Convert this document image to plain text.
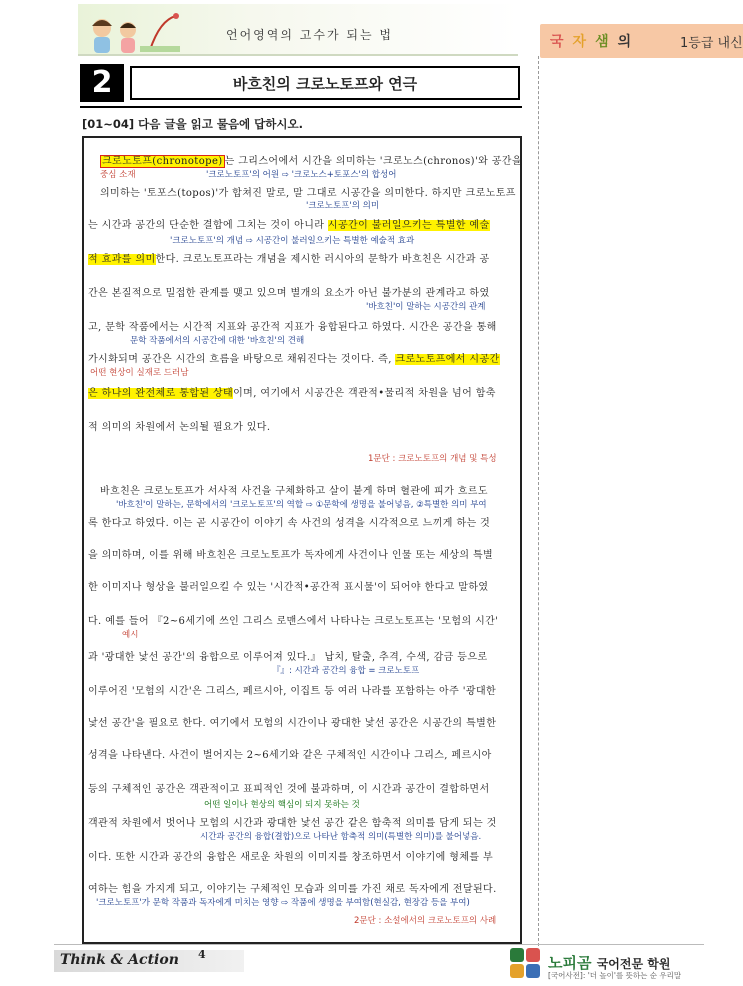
언어영역의 고수가 되는 법	국자샘의	1등급 내신
2	바흐친의 크로노토프와 연극
[01~04] 다음 글을 읽고 물음에 답하시오.
크로노토프(chronotope) 는 그리스어에서 시간을 의미하는 '크로노스(chronos)'와 공간을
중심 소재	'크로노토프'의 어원 ⇨ '크로노스+토포스'의 합성어
의미하는 '토포스(topos)'가 합쳐진 말로, 말 그대로 시공간을 의미한다. 하지만 크로노토프
'크로노토프'의 의미
는 시간과 공간의 단순한 결합에 그치는 것이 아니라 시공간이 불러일으키는 특별한 예술
'크로노토프'의 개념 ⇨ 시공간이 불러일으키는 특별한 예술적 효과
적 효과를 의미한다. 크로노토프라는 개념을 제시한 러시아의 문학가 바흐친은 시간과 공
간은 본질적으로 밀접한 관계를 맺고 있으며 별개의 요소가 아닌 불가분의 관계라고 하였
'바흐친'이 말하는 시공간의 관계
고, 문학 작품에서는 시간적 지표와 공간적 지표가 융합된다고 하였다. 시간은 공간을 통해
문학 작품에서의 시공간에 대한 '바흐친'의 견해
가시화되며 공간은 시간의 흐름을 바탕으로 채워진다는 것이다. 즉, 크로노토프에서 시공간
어떤 현상이 실재로 드러남
은 하나의 완전체로 통합된 상태이며, 여기에서 시공간은 객관적•물리적 차원을 넘어 함축
적 의미의 차원에서 논의될 필요가 있다.
1문단 : 크로노토프의 개념 및 특성
바흐친은 크로노토프가 서사적 사건을 구체화하고 살이 붙게 하며 혈관에 피가 흐르도
'바흐친'이 말하는, 문학에서의 '크로노토프'의 역할 ⇨ ①문학에 생명을 불어넣음, ②특별한 의미 부여
록 한다고 하였다. 이는 곧 시공간이 이야기 속 사건의 성격을 시각적으로 느끼게 하는 것
을 의미하며, 이를 위해 바흐친은 크로노토프가 독자에게 사건이나 인물 또는 세상의 특별
한 이미지나 형상을 불러일으킬 수 있는 '시간적•공간적 표시물'이 되어야 한다고 말하였
다. 예를 들어 『2~6세기에 쓰인 그리스 로맨스에서 나타나는 크로노토프는 '모험의 시간'
예시
과 '광대한 낯선 공간'의 융합으로 이루어져 있다.』 납치, 탈출, 추격, 수색, 감금 등으로
『』: 시간과 공간의 융합 = 크로노토프
이루어진 '모험의 시간'은 그리스, 페르시아, 이집트 등 여러 나라를 포함하는 아주 '광대한
낯선 공간'을 필요로 한다. 여기에서 모험의 시간이나 광대한 낯선 공간은 시공간의 특별한
성격을 나타낸다. 사건이 벌어지는 2~6세기와 같은 구체적인 시간이나 그리스, 페르시아
등의 구체적인 공간은 객관적이고 표피적인 것에 불과하며, 이 시간과 공간이 결합하면서
어떤 일이나 현상의 핵심이 되지 못하는 것
객관적 차원에서 벗어나 모험의 시간과 광대한 낯선 공간 같은 함축적 의미를 담게 되는 것
시간과 공간의 융합(결합)으로 나타난 함축적 의미(특별한 의미)를 불어넣음.
이다. 또한 시간과 공간의 융합은 새로운 차원의 이미지를 창조하면서 이야기에 형체를 부
여하는 힘을 가지게 되고, 이야기는 구체적인 모습과 의미를 가진 채로 독자에게 전달된다.
'크로노토프'가 문학 작품과 독자에게 미치는 영향 ⇨ 작품에 생명을 부여함(현실감, 현장감 등을 부여)
2문단 : 소설에서의 크로노토프의 사례
Think & Action 4	노피곰 국어전문 학원
[국어사전]: '더 높이'를 뜻하는 순 우리말
